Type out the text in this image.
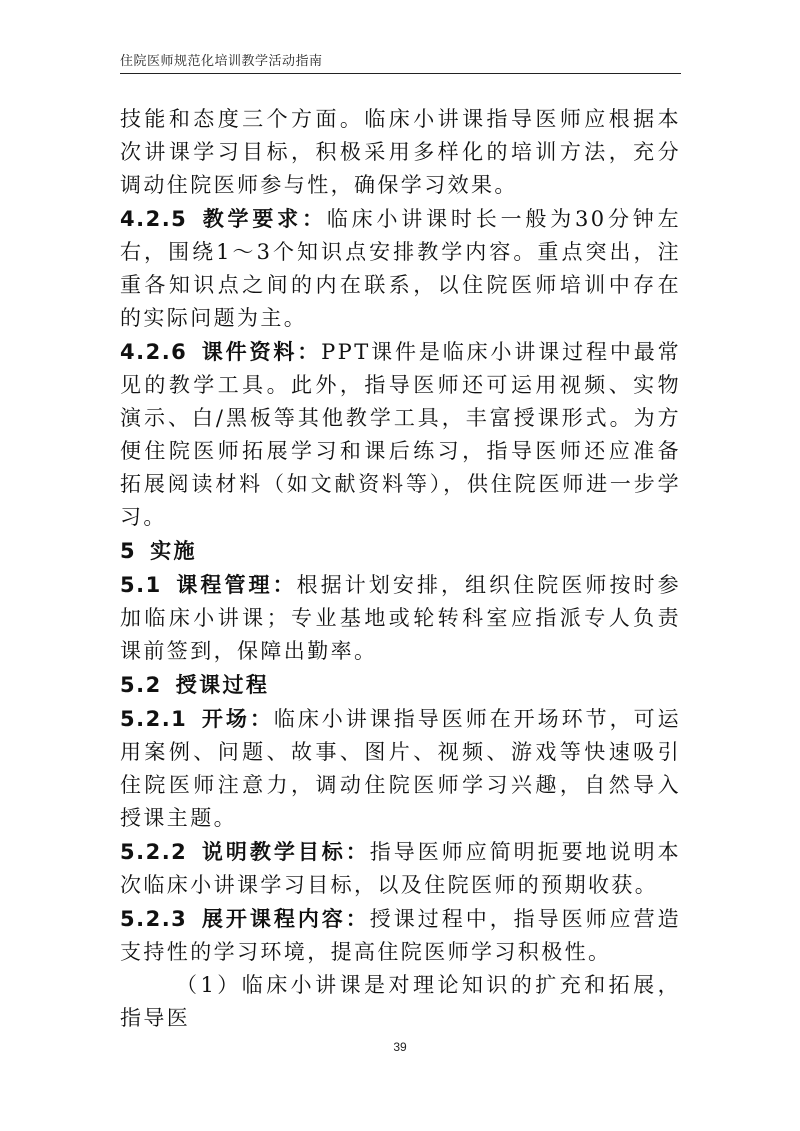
住院医师规范化培训教学活动指南

技能和态度三个方面。临床小讲课指导医师应根据本次讲课学习目标，积极采用多样化的培训方法，充分调动住院医师参与性，确保学习效果。

4.2.5 教学要求：临床小讲课时长一般为30分钟左右，围绕1～3个知识点安排教学内容。重点突出，注重各知识点之间的内在联系，以住院医师培训中存在的实际问题为主。

4.2.6 课件资料：PPT课件是临床小讲课过程中最常见的教学工具。此外，指导医师还可运用视频、实物演示、白/黑板等其他教学工具，丰富授课形式。为方便住院医师拓展学习和课后练习，指导医师还应准备拓展阅读材料（如文献资料等），供住院医师进一步学习。

5 实施

5.1 课程管理：根据计划安排，组织住院医师按时参加临床小讲课；专业基地或轮转科室应指派专人负责课前签到，保障出勤率。

5.2 授课过程

5.2.1 开场：临床小讲课指导医师在开场环节，可运用案例、问题、故事、图片、视频、游戏等快速吸引住院医师注意力，调动住院医师学习兴趣，自然导入授课主题。

5.2.2 说明教学目标：指导医师应简明扼要地说明本次临床小讲课学习目标，以及住院医师的预期收获。

5.2.3 展开课程内容：授课过程中，指导医师应营造支持性的学习环境，提高住院医师学习积极性。

（1）临床小讲课是对理论知识的扩充和拓展，指导医

39
